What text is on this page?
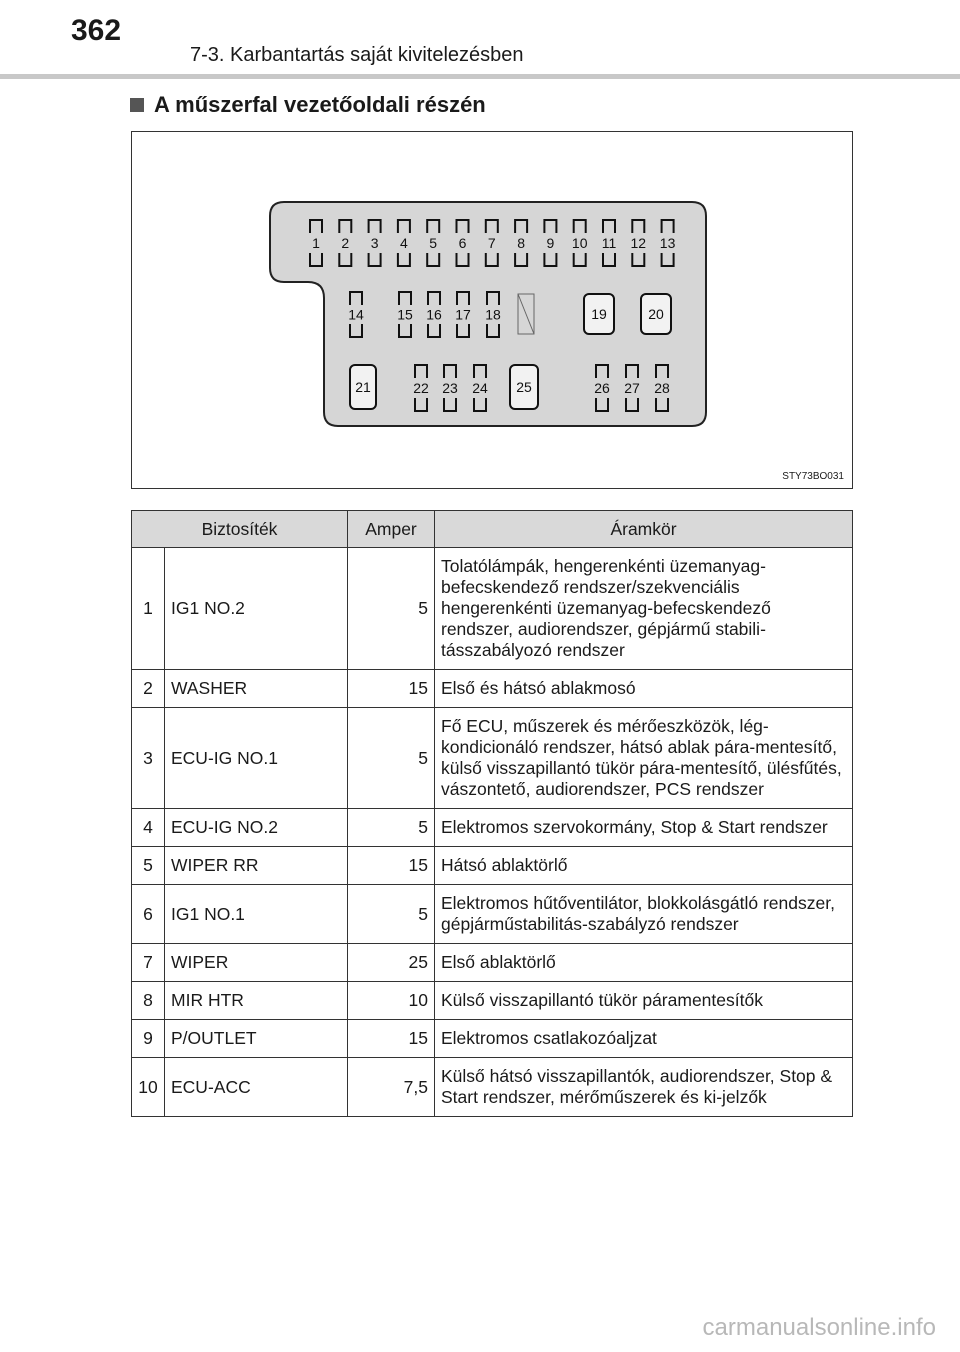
362
7-3. Karbantartás saját kivitelezésben
A műszerfal vezetőoldali részén
1 2 3 4 5 6 7 8 9 10 11 12 13
14 15 16 17 18	19	20
21	25
22 23 24	26 27 28
STY73BO031
Biztosíték		Amper	Áramkör
1	IG1 NO.2	5	Tolatólámpák, hengerenkénti üzemanyag-befecskendező rendszer/szekvenciális hengerenkénti üzemanyag-befecskendező rendszer, audiorendszer, gépjármű stabili-tásszabályozó rendszer
2	WASHER	15	Első és hátsó ablakmosó
3	ECU-IG NO.1	5	Fő ECU, műszerek és mérőeszközök, lég-kondicionáló rendszer, hátsó ablak pára-mentesítő, külső visszapillantó tükör pára-mentesítő, ülésfűtés, vászontető, audiorendszer, PCS rendszer
4	ECU-IG NO.2	5	Elektromos szervokormány, Stop & Start rendszer
5	WIPER RR	15	Hátsó ablaktörlő
6	IG1 NO.1	5	Elektromos hűtőventilátor, blokkolásgátló rendszer, gépjárműstabilitás-szabályzó rendszer
7	WIPER	25	Első ablaktörlő
8	MIR HTR	10	Külső visszapillantó tükör páramentesítők
9	P/OUTLET	15	Elektromos csatlakozóaljzat
10	ECU-ACC	7,5	Külső hátsó visszapillantók, audiorendszer, Stop & Start rendszer, mérőműszerek és ki-jelzők
carmanualsonline.info
